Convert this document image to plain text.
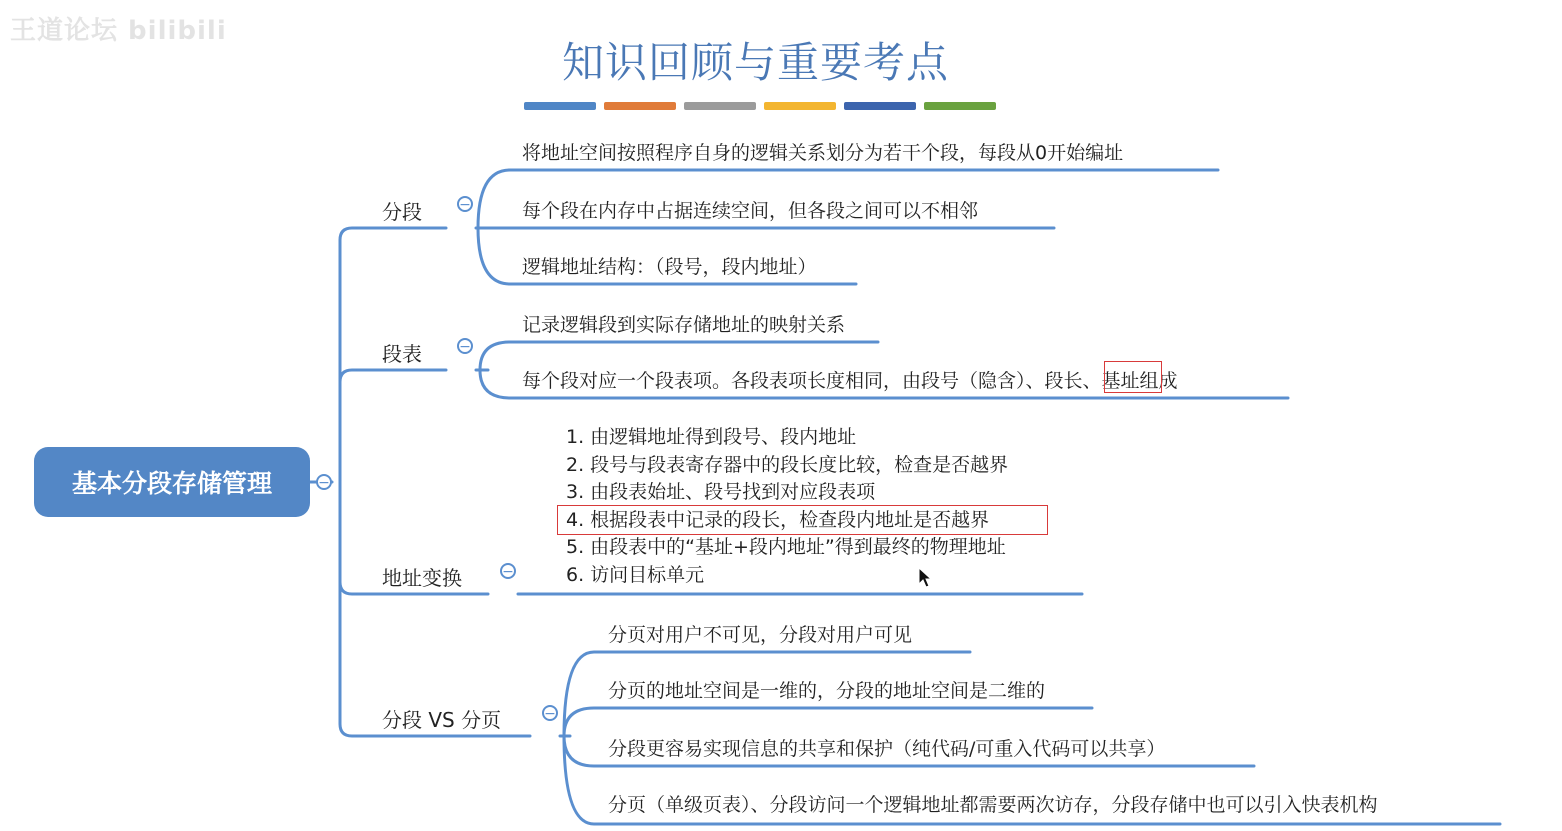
王道论坛 bilibili
知识回顾与重要考点
基本分段存储管理	−
分段	−
将地址空间按照程序自身的逻辑关系划分为若干个段，每段从0开始编址
每个段在内存中占据连续空间，但各段之间可以不相邻
逻辑地址结构：（段号，段内地址）
段表	−
记录逻辑段到实际存储地址的映射关系
每个段对应一个段表项。各段表项长度相同，由段号（隐含）、段长、基址组成
地址变换	−
1. 由逻辑地址得到段号、段内地址
2. 段号与段表寄存器中的段长度比较，检查是否越界
3. 由段表始址、段号找到对应段表项
4. 根据段表中记录的段长，检查段内地址是否越界
5. 由段表中的“基址+段内地址”得到最终的物理地址
6. 访问目标单元
分段 VS 分页	−
分页对用户不可见，分段对用户可见
分页的地址空间是一维的，分段的地址空间是二维的
分段更容易实现信息的共享和保护（纯代码/可重入代码可以共享）
分页（单级页表）、分段访问一个逻辑地址都需要两次访存，分段存储中也可以引入快表机构
